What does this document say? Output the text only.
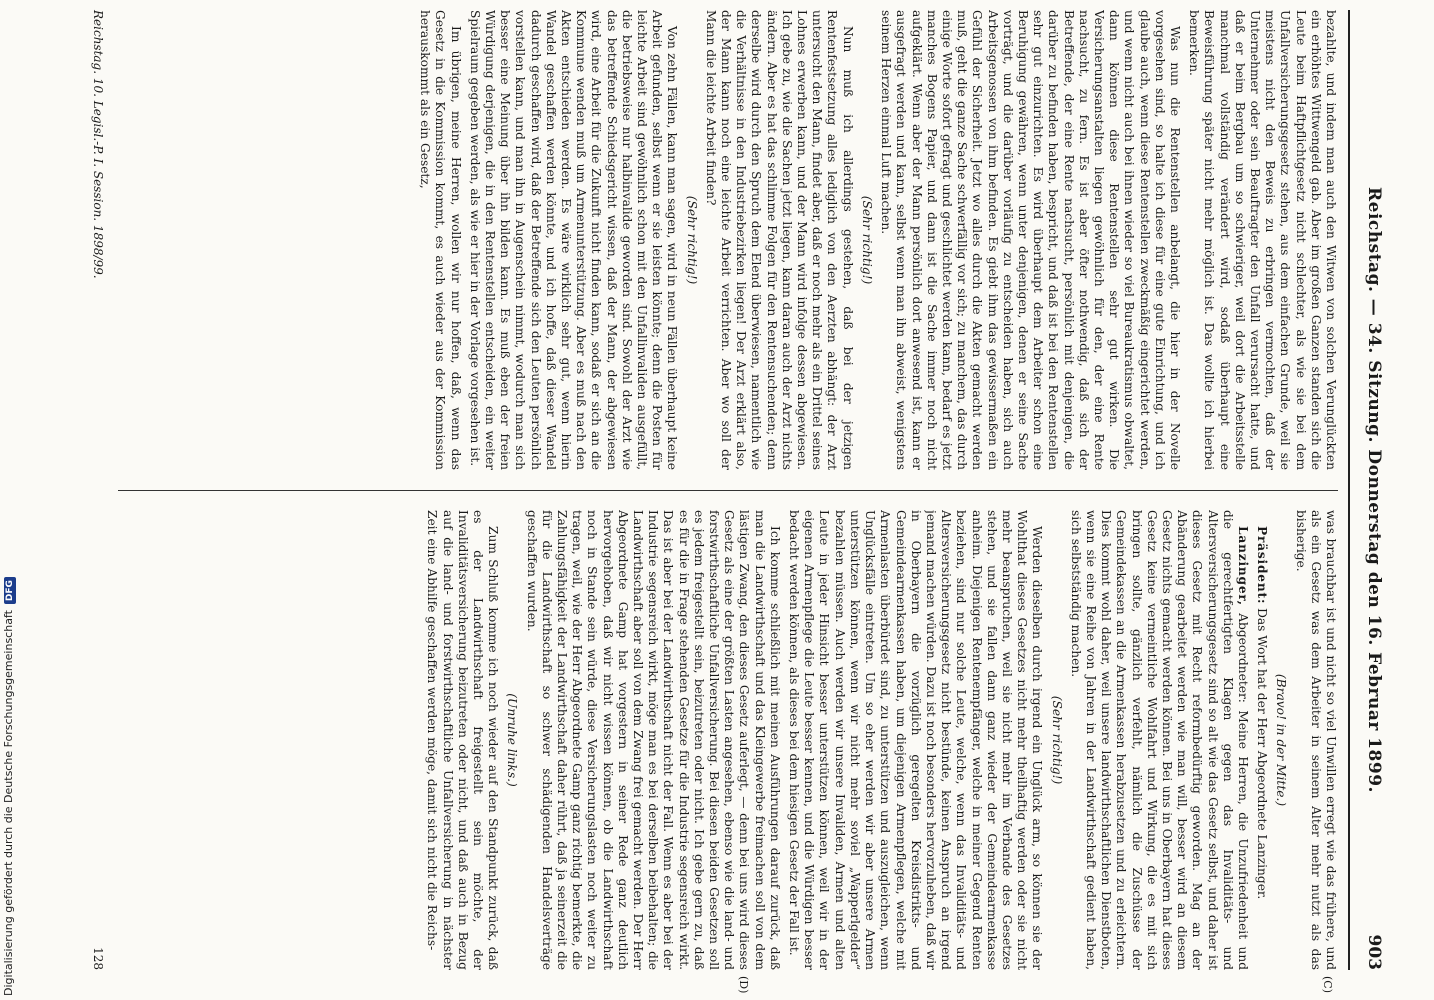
Reichstag. — 34. Sitzung. Donnerstag den 16. Februar 1899.
903

bezahlte, und indem man auch den Witwen von solchen Verunglückten ein erhöhtes Wittwengeld gab. Aber im großen Ganzen standen sich die Leute beim Haftpflichtgesetz nicht schlechter, als wie sie bei dem Unfallversicherungsgesetz stehen, aus dem einfachen Grunde, weil sie meistens nicht den Beweis zu erbringen vermochten, daß der Unternehmer oder sein Beauftragter den Unfall verursacht hatte, und daß er beim Bergbau um so schwieriger, weil dort die Arbeitsstelle manchmal vollständig verändert wird, sodaß überhaupt eine Beweisführung später nicht mehr möglich ist. Das wollte ich hierbei bemerken.

Was nun die Rentenstellen anbelangt, die hier in der Novelle vorgesehen sind, so halte ich diese für eine gute Einrichtung, und ich glaube auch, wenn diese Rentenstellen zweckmäßig eingerichtet werden, und wenn nicht auch bei ihnen wieder so viel Bureaukratismus obwaltet, dann können diese Rentenstellen sehr gut wirken. Die Versicherungsanstalten liegen gewöhnlich für den, der eine Rente nachsucht, zu fern. Es ist aber öfter nothwendig, daß sich der Betreffende, der eine Rente nachsucht, persönlich mit denjenigen, die darüber zu befinden haben, bespricht, und daß ist bei den Rentenstellen sehr gut einzurichten. Es wird überhaupt dem Arbeiter schon eine Beruhigung gewähren, wenn unter denjenigen, denen er seine Sache vorträgt, und die darüber vorläufig zu entscheiden haben, sich auch Arbeitsgenossen von ihm befinden. Es giebt ihm das gewissermaßen ein Gefühl der Sicherheit. Jetzt wo alles durch die Akten gemacht werden muß, geht die ganze Sache schwerfällig vor sich; zu manchem, das durch einige Worte sofort gefragt und geschlichtet werden kann, bedarf es jetzt manches Bogens Papier, und dann ist die Sache immer noch nicht aufgeklärt. Wenn aber der Mann persönlich dort anwesend ist, kann er ausgefragt werden und kann, selbst wenn man ihn abweist, wenigstens seinem Herzen einmal Luft machen.

(Sehr richtig!)

Nun muß ich allerdings gestehen, daß bei der jetzigen Rentenfestsetzung alles lediglich von den Aerzten abhängt: der Arzt untersucht den Mann, findet aber, daß er noch mehr als ein Drittel seines Lohnes erwerben kann, und der Mann wird infolge dessen abgewiesen. Ich gebe zu, wie die Sachen jetzt liegen, kann daran auch der Arzt nichts ändern. Aber es hat das schlimme Folgen für den Rentensuchenden; denn derselbe wird durch den Spruch dem Elend überwiesen, namentlich wie die Verhältnisse in den Industriebezirken liegen! Der Arzt erklärt also, der Mann kann noch eine leichte Arbeit verrichten. Aber wo soll der Mann die leichte Arbeit finden?

(Sehr richtig!)

Von zehn Fällen, kann man sagen, wird in neun Fällen überhaupt keine Arbeit gefunden, selbst wenn er sie leisten könnte; denn die Posten für leichte Arbeit sind gewöhnlich schon mit den Unfallinvaliden ausgefüllt, die betriebsweise nur halbinvalide geworden sind. Sowohl der Arzt wie das betreffende Schiedsgericht wissen, daß der Mann, der abgewiesen wird, eine Arbeit für die Zukunft nicht finden kann, sodaß er sich an die Kommune wenden muß um Armenunterstützung. Aber es muß nach den Akten entschieden werden. Es wäre wirklich sehr gut, wenn hierin Wandel geschaffen werden könnte, und ich hoffe, daß dieser Wandel dadurch geschaffen wird, daß der Betreffende sich den Leuten persönlich vorstellen kann, und man ihn in Augenschein nimmt, wodurch man sich besser eine Meinung über ihn bilden kann. Es muß eben der freien Würdigung derjenigen, die in den Rentenstellen entscheiden, ein weiter Spielraum gegeben werden, als wie er hier in der Vorlage vorgesehen ist.

Im übrigen, meine Herren, wollen wir nur hoffen, daß, wenn das Gesetz in die Kommission kommt, es auch wieder aus der Kommission herauskommt als ein Gesetz,

was brauchbar ist und nicht so viel Unwillen erregt wie das frühere, und als ein Gesetz was dem Arbeiter in seinem Alter mehr nutzt als das bisherige.

(Bravo! in der Mitte.)

Präsident: Das Wort hat der Herr Abgeordnete Lanzinger.

Lanzinger, Abgeordneter: Meine Herren, die Unzufriedenheit und die gerechtfertigten Klagen gegen das Invaliditäts- und Altersversicherungsgesetz sind so alt wie das Gesetz selbst, und daher ist dieses Gesetz mit Recht reformbedürftig geworden. Mag an der Abänderung gearbeitet werden wie man will, besser wird an diesem Gesetz nichts gemacht werden können. Bei uns in Oberbayern hat dieses Gesetz keine vermeintliche Wohlfahrt und Wirkung, die es mit sich bringen sollte, gänzlich verfehlt, nämlich die Zuschüsse der Gemeindekassen an die Armenkassen herabzusetzen und zu erleichtern. Dies kommt wohl daher, weil unsere landwirthschaftlichen Dienstboten, wenn sie eine Reihe von Jahren in der Landwirthschaft gedient haben, sich selbstständig machen.

(Sehr richtig!)

Werden dieselben durch irgend ein Unglück arm, so können sie der Wohlthat dieses Gesetzes nicht mehr theilhaftig werden oder sie nicht mehr beanspruchen, weil sie nicht mehr im Verbande des Gesetzes stehen, und sie fallen dann ganz wieder der Gemeindearmenkasse anheim. Diejenigen Rentenempfänger, welche in meiner Gegend Renten beziehen, sind nur solche Leute, welche, wenn das Invaliditäts- und Altersversicherungsgesetz nicht bestünde, keinen Anspruch an irgend jemand machen würden. Dazu ist noch besonders hervorzuheben, daß wir in Oberbayern die vorzüglich geregelten Kreisdistrikts- und Gemeindearmenkassen haben, um diejenigen Armenpflegen, welche mit Armenlasten überbürdet sind, zu unterstützen und auszugleichen, wenn Unglücksfälle eintreten. Um so eher werden wir aber unsere Armen unterstützen können, wenn wir nicht mehr soviel „Wapperlgelder“ bezahlen müssen. Auch werden wir unsere Invaliden, Armen und alten Leute in jeder Hinsicht besser unterstützen können, weil wir in der eigenen Armenpflege die Leute besser kennen, und die Würdigen besser bedacht werden können, als dieses bei dem hiesigen Gesetz der Fall ist.

Ich komme schließlich mit meinen Ausführungen darauf zurück, daß man die Landwirthschaft und das Kleingewerbe freimachen soll von dem lästigen Zwang, den dieses Gesetz auferlegt, — denn bei uns wird dieses Gesetz als eine der größten Lasten angesehen, ebenso wie die land- und forstwirthschaftliche Unfallversicherung. Bei diesen beiden Gesetzen soll es jedem freigestellt sein, beizutreten oder nicht. Ich gebe gern zu, daß es für die in Frage stehenden Gesetze für die Industrie segensreich wirkt. Das ist aber bei der Landwirthschaft nicht der Fall. Wenn es aber bei der Industrie segensreich wirkt, möge man es bei derselben beibehalten; die Landwirthschaft aber soll von dem Zwang frei gemacht werden. Der Herr Abgeordnete Gamp hat vorgestern in seiner Rede ganz deutlich hervorgehoben, daß wir nicht wissen können, ob die Landwirthschaft noch in Stande sein würde, diese Versicherungslasten noch weiter zu tragen, weil, wie der Herr Abgeordnete Gamp ganz richtig bemerkte, die Zahlungsfähigkeit der Landwirthschaft daher rührt, daß ja seinerzeit die für die Landwirthschaft so schwer schädigenden Handelsverträge geschaffen wurden.

(Unruhe links.)

Zum Schluß komme ich noch wieder auf den Standpunkt zurück, daß es der Landwirthschaft freigestellt sein möchte, der Invaliditätsversicherung beizutreten oder nicht, und daß auch in Bezug auf die land- und forstwirthschaftliche Unfallversicherung in nächster Zeit eine Abhilfe geschaffen werden möge, damit sich nicht die Reichs-

(C)
(D)
Reichstag. 10. Legisl.-P. I. Session. 1898/99.
128
Digitalisierung gefördert durch die Deutsche ForschungsgemeinschaftDFG
